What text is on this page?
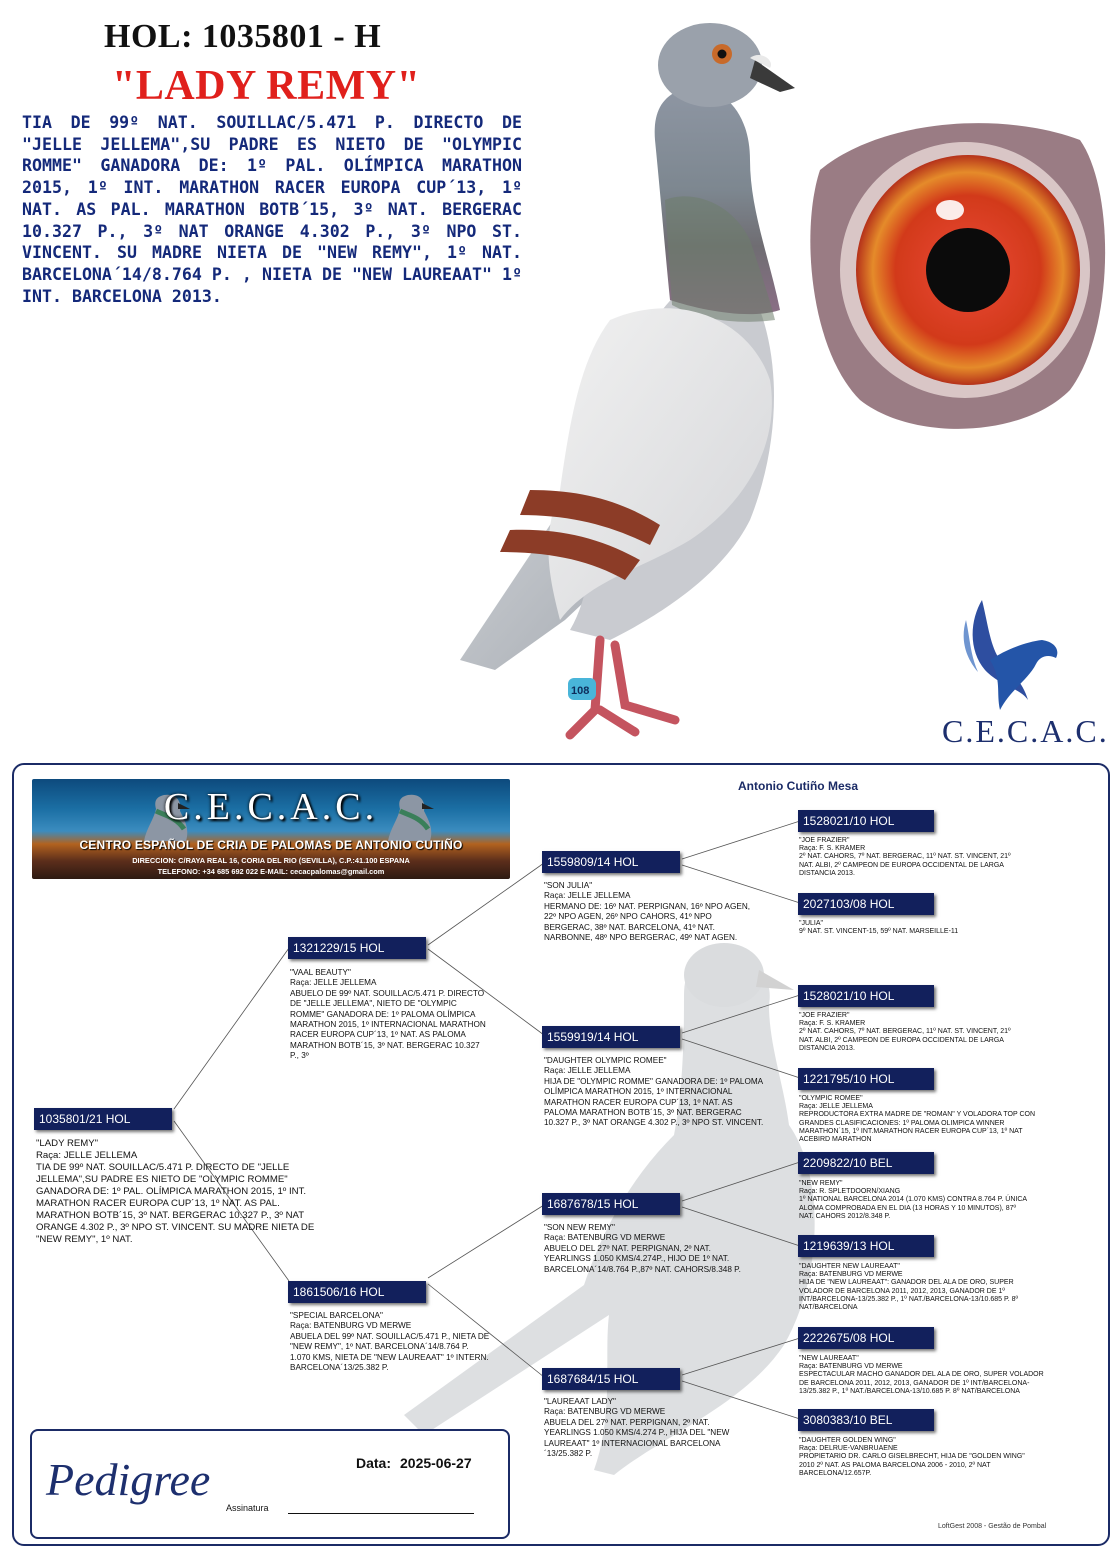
HOL: 1035801 - H
"LADY REMY"
TIA DE 99º NAT. SOUILLAC/5.471 P. DIRECTO DE "JELLE JELLEMA",SU PADRE ES NIETO DE "OLYMPIC ROMME" GANADORA DE: 1º PAL. OLÍMPICA MARATHON 2015, 1º INT. MARATHON RACER EUROPA CUP´13, 1º NAT. AS PAL. MARATHON BOTB´15, 3º NAT. BERGERAC 10.327 P., 3º NAT ORANGE 4.302 P., 3º NPO ST. VINCENT. SU MADRE NIETA DE "NEW REMY", 1º NAT. BARCELONA´14/8.764 P. , NIETA DE "NEW LAUREAAT" 1º INT. BARCELONA 2013.
108
C.E.C.A.C.
C.E.C.A.C.
CENTRO ESPAÑOL DE CRIA DE PALOMAS DE ANTONIO CUTIÑO
DIRECCION: C/RAYA REAL 16, CORIA DEL RIO (SEVILLA), C.P.:41.100 ESPANA
TELEFONO: +34 685 692 022 E-MAIL: cecacpalomas@gmail.com
Antonio Cutiño Mesa
1035801/21 HOL
"LADY REMY"
Raça: JELLE JELLEMA
TIA DE 99º NAT. SOUILLAC/5.471 P. DIRECTO DE "JELLE JELLEMA",SU PADRE ES NIETO DE "OLYMPIC ROMME" GANADORA DE: 1º PAL. OLÍMPICA MARATHON 2015, 1º INT. MARATHON RACER EUROPA CUP´13, 1º NAT. AS PAL. MARATHON BOTB´15, 3º NAT. BERGERAC 10.327 P., 3º NAT ORANGE 4.302 P., 3º NPO ST. VINCENT. SU MADRE NIETA DE "NEW REMY", 1º NAT.
1321229/15 HOL
"VAAL BEAUTY"
Raça: JELLE JELLEMA
ABUELO DE 99º NAT. SOUILLAC/5.471 P. DIRECTO DE "JELLE JELLEMA", NIETO DE "OLYMPIC ROMME" GANADORA DE: 1º PALOMA OLÍMPICA MARATHON 2015, 1º INTERNACIONAL MARATHON RACER EUROPA CUP´13, 1º NAT. AS PALOMA MARATHON BOTB´15, 3º NAT. BERGERAC 10.327 P., 3º
1861506/16 HOL
"SPECIAL BARCELONA"
Raça: BATENBURG VD MERWE
ABUELA DEL 99º NAT. SOUILLAC/5.471 P., NIETA DE "NEW REMY", 1º NAT. BARCELONA´14/8.764 P. 1.070 KMS, NIETA DE "NEW LAUREAAT" 1º INTERN. BARCELONA´13/25.382 P.
1559809/14 HOL
"SON JULIA"
Raça: JELLE JELLEMA
HERMANO DE: 16º NAT. PERPIGNAN, 16º NPO AGEN, 22º NPO AGEN, 26º NPO CAHORS, 41º NPO BERGERAC, 38º NAT. BARCELONA, 41º NAT. NARBONNE, 48º NPO BERGERAC, 49º NAT AGEN.
1559919/14 HOL
"DAUGHTER OLYMPIC ROMEE"
Raça: JELLE JELLEMA
HIJA DE "OLYMPIC ROMME" GANADORA DE: 1º PALOMA OLÍMPICA MARATHON 2015, 1º INTERNACIONAL MARATHON RACER EUROPA CUP´13, 1º NAT. AS PALOMA MARATHON BOTB´15, 3º NAT. BERGERAC 10.327 P., 3º NAT ORANGE 4.302 P., 3º NPO ST. VINCENT.
1687678/15 HOL
"SON NEW REMY"
Raça: BATENBURG VD MERWE
ABUELO DEL 27º NAT. PERPIGNAN, 2º NAT. YEARLINGS 1.050 KMS/4.274P., HIJO DE 1º NAT. BARCELONA´14/8.764 P.,87º NAT. CAHORS/8.348 P.
1687684/15 HOL
"LAUREAAT LADY"
Raça: BATENBURG VD MERWE
ABUELA DEL 27º NAT. PERPIGNAN, 2º NAT. YEARLINGS 1.050 KMS/4.274 P., HIJA DEL "NEW LAUREAAT" 1º INTERNACIONAL BARCELONA´13/25.382 P.
1528021/10 HOL
"JOE FRAZIER"
Raça: F. S. KRAMER
2º NAT. CAHORS, 7º NAT. BERGERAC, 11º NAT. ST. VINCENT, 21º NAT. ALBI, 2º CAMPEON DE EUROPA OCCIDENTAL DE LARGA DISTANCIA 2013.
2027103/08 HOL
"JULIA"
9º NAT. ST. VINCENT-15, 59º NAT. MARSEILLE-11
1528021/10 HOL
"JOE FRAZIER"
Raça: F. S. KRAMER
2º NAT. CAHORS, 7º NAT. BERGERAC, 11º NAT. ST. VINCENT, 21º NAT. ALBI, 2º CAMPEON DE EUROPA OCCIDENTAL DE LARGA DISTANCIA 2013.
1221795/10 HOL
"OLYMPIC ROMEE"
Raça: JELLE JELLEMA
REPRODUCTORA EXTRA MADRE DE "ROMAN" Y VOLADORA TOP CON GRANDES CLASIFICACIONES: 1º PALOMA OLIMPICA WINNER MARATHON´15, 1º INT.MARATHON RACER EUROPA CUP´13, 1º NAT ACEBIRD MARATHON
2209822/10 BEL
"NEW REMY"
Raça: R. SPLETDOORN/XIANG
1º NATIONAL BARCELONA 2014 (1.070 KMS) CONTRA 8.764 P. ÚNICA ALOMA COMPROBADA EN EL DIA (13 HORAS Y 10 MINUTOS), 87º NAT. CAHORS 2012/8.348 P.
1219639/13 HOL
"DAUGHTER NEW LAUREAAT"
Raça: BATENBURG VD MERWE
HIJA DE "NEW LAUREAAT": GANADOR DEL ALA DE ORO, SUPER VOLADOR DE BARCELONA 2011, 2012, 2013, GANADOR DE 1º INT/BARCELONA-13/25.382 P., 1º NAT./BARCELONA-13/10.685 P. 8º NAT/BARCELONA
2222675/08 HOL
"NEW LAUREAAT"
Raça: BATENBURG VD MERWE
ESPECTACULAR MACHO GANADOR DEL ALA DE ORO, SUPER VOLADOR DE BARCELONA 2011, 2012, 2013, GANADOR DE 1º INT/BARCELONA-13/25.382 P., 1º NAT./BARCELONA-13/10.685 P. 8º NAT/BARCELONA
3080383/10 BEL
"DAUGHTER GOLDEN WING"
Raça: DELRUE-VANBRUAENE
PROPIETARIO DR. CARLO GISELBRECHT, HIJA DE "GOLDEN WING" 2010 2º NAT. AS PALOMA BARCELONA 2006 - 2010, 2º NAT BARCELONA/12.657P.
Pedigree	Data: 2025-06-27
Assinatura
LoftGest 2008 - Gestão de Pombal
